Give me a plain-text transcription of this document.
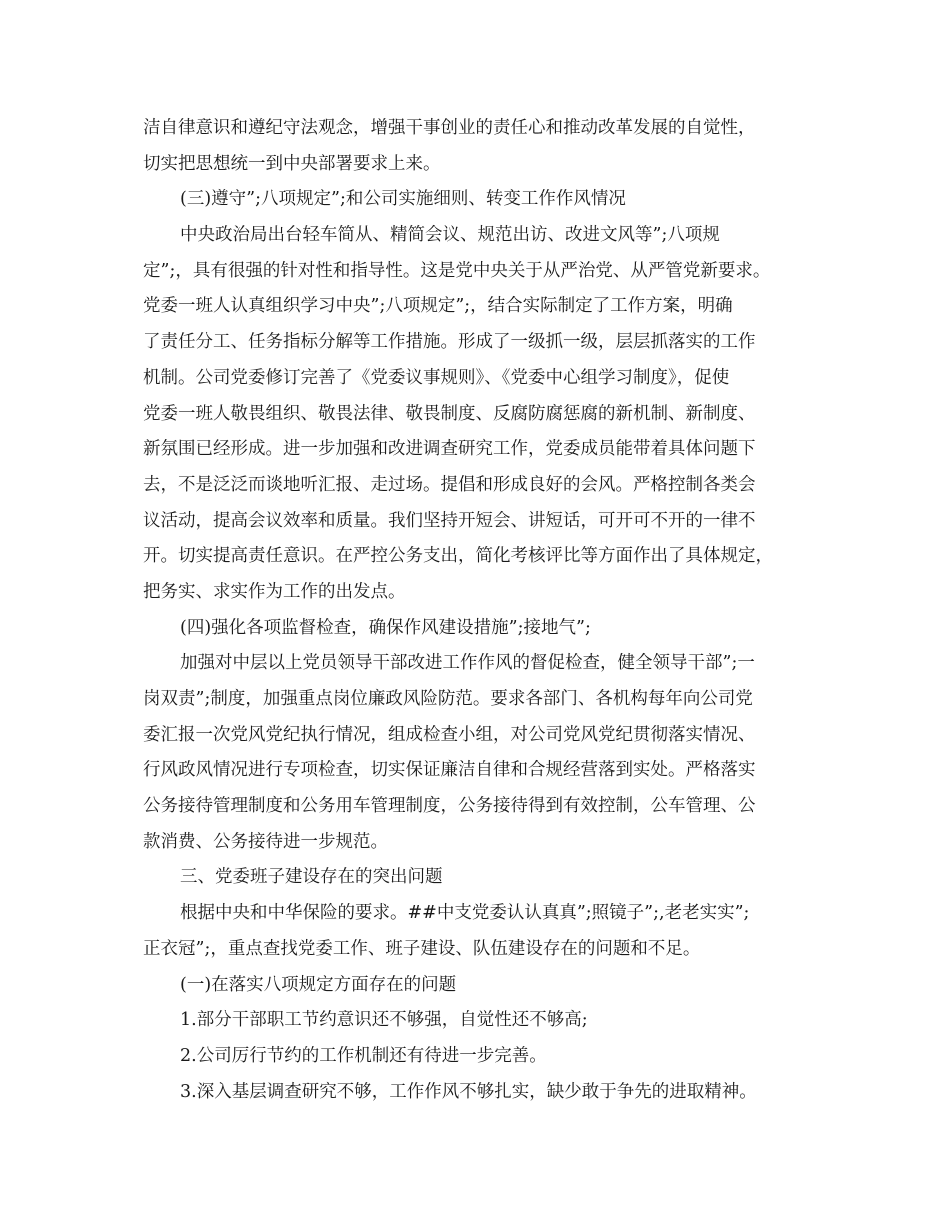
洁自律意识和遵纪守法观念，增强干事创业的责任心和推动改革发展的自觉性，
切实把思想统一到中央部署要求上来。
(三)遵守”;八项规定”;和公司实施细则、转变工作作风情况
中央政治局出台轻车简从、精简会议、规范出访、改进文风等”;八项规
定”;，具有很强的针对性和指导性。这是党中央关于从严治党、从严管党新要求。
党委一班人认真组织学习中央”;八项规定”;，结合实际制定了工作方案，明确
了责任分工、任务指标分解等工作措施。形成了一级抓一级，层层抓落实的工作
机制。公司党委修订完善了《党委议事规则》、《党委中心组学习制度》，促使
党委一班人敬畏组织、敬畏法律、敬畏制度、反腐防腐惩腐的新机制、新制度、
新氛围已经形成。进一步加强和改进调查研究工作，党委成员能带着具体问题下
去，不是泛泛而谈地听汇报、走过场。提倡和形成良好的会风。严格控制各类会
议活动，提高会议效率和质量。我们坚持开短会、讲短话，可开可不开的一律不
开。切实提高责任意识。在严控公务支出，简化考核评比等方面作出了具体规定，
把务实、求实作为工作的出发点。
(四)强化各项监督检查，确保作风建设措施”;接地气”;
加强对中层以上党员领导干部改进工作作风的督促检查，健全领导干部”;一
岗双责”;制度，加强重点岗位廉政风险防范。要求各部门、各机构每年向公司党
委汇报一次党风党纪执行情况，组成检查小组，对公司党风党纪贯彻落实情况、
行风政风情况进行专项检查，切实保证廉洁自律和合规经营落到实处。严格落实
公务接待管理制度和公务用车管理制度，公务接待得到有效控制，公车管理、公
款消费、公务接待进一步规范。
三、党委班子建设存在的突出问题
根据中央和中华保险的要求。##中支党委认认真真”;照镜子”;,老老实实”;
正衣冠”;，重点查找党委工作、班子建设、队伍建设存在的问题和不足。
(一)在落实八项规定方面存在的问题
1.部分干部职工节约意识还不够强，自觉性还不够高;
2.公司厉行节约的工作机制还有待进一步完善。
3.深入基层调查研究不够，工作作风不够扎实，缺少敢于争先的进取精神。
